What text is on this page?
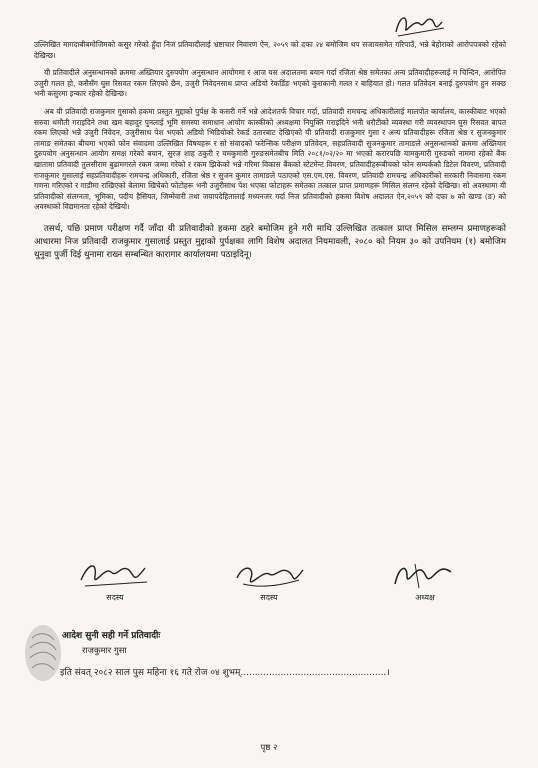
उल्लिखित मागदाबीबमोजिमको कसुर गरेको हुँदा निज प्रतिवादीलाई भ्रष्टाचार निवारण ऐन, २०५९ को दफा २४ बमोजिम थप सजायसमेत गरिपाउँ, भन्ने बेहोराको आरोपपत्रको रहेको देखिन्छ।

यी प्रतिवादीले अनुसन्धानको क्रममा अख्तियार दुरुपयोग अनुसन्धान आयोगमा र आज यस अदालतमा बयान गर्दा रजिता श्रेष्ठ समेतका अन्य प्रतिवादीहरूलाई म चिन्दिन, आरोपित उजुरी गलत हो, कसैसँग घुस रिसवत रकम लिएको छैन, उजुरी निवेदनसाथ प्राप्त अडियो रेकर्डिङ भएको कुराकानी गलत र बाहियात हो। गलत प्रतिवेदन बनाई दुरुपयोग हुन सक्छ भनी कसुरमा इन्कार रहेको देखिन्छ।

अब यी प्रतिवादी राजकुमार गुसाको हकमा प्रस्तुत मुद्दाको पुर्पक्ष के कसरी गर्ने भन्ने आदेशतर्फ विचार गर्दा, प्रतिवादी रामचन्द्र अधिकारीलाई मालपोत कार्यालय, कास्कीबाट भएको सरुवा थमौती गराइदिने तथा खम बहादुर पुनलाई भूमि समस्या समाधान आयोग कास्कीको अध्यक्षमा नियुक्ति गराइदिने भनी धरौटीको व्यवस्था गरी व्यवस्थापन घुस रिसवत बापत रकम लिएको भन्ने उजुरी निवेदन, उजुरीसाथ पेश भएको अडियो भिडियोको रेकर्ड उतारबाट देखिएको यी प्रतिवादी राजकुमार गुसा र अन्य प्रतिवादीहरू रजिता श्रेष्ठ र सुजनकुमार तामाङ समेतका बीचमा भएको फोन संवादमा उल्लिखित विषयहरू र सो संवादको फरेन्सिक परीक्षण प्रतिवेदन, सहप्रतिवादी सुजनकुमार तामाङले अनुसन्धानको क्रममा अख्तियार दुरुपयोग अनुसन्धान आयोग समक्ष गरेको बयान, सुरज शाह ठकुरी र यमकुमारी गुरुङसमेतबीच मिति २०८१/०२/२० मा भएको करारपछि यामकुमारी गुरुङको नाममा रहेको बैंक खातामा प्रतिवादी तुलसीराम बुढामगरले रकम जम्मा गरेको र रकम झिकेको भन्ने गरिमा विकास बैंकको स्टेटमेन्ट विवरण, प्रतिवादीहरूबीचको फोन सम्पर्ककौ डिटेल विवरण, प्रतिवादी राजकुमार गुसालाई सहप्रतिवादीहरू रामचन्द्र अधिकारी, रजिता श्रेष्ठ र सुजन कुमार तामाङले पठाएको एस.एम.एस. विवरण, प्रतिवादी रामचन्द्र अधिकारीको सरकारी निवासमा रकम गणना गरिएको र गाडीमा राखिएको बेलामा खिचेको फोटोहरू भनी उजुरीसाथ पेश भएका फोटाहरू समेतका तत्काल प्राप्त प्रमाणहरू मिसिल संलग्न रहेको देखिन्छ। सो अवस्थामा यी प्रतिवादीको संलग्नता, भूमिका, पदीय हैसियत, जिम्मेवारी तथा जयापदेहितालाई मध्यनजर गर्दा निज प्रतिवादीको हकमा विशेष अदालत ऐन,२०५९ को दफा ७ को खण्ड (ङ) को अवस्थाको विद्यमानता रहेको देखियो।

तसर्थ, पछि प्रमाण परीक्षण गर्दै जाँदा यी प्रतिवादीको हकमा ठहरे बमोजिम हुने गरी माथि उल्लिखित तत्काल प्राप्त मिसिल सम्लग्न प्रमाणहरूको आधारमा निज प्रतिवादी राजकुमार गुसालाई प्रस्तुत मुद्दाको पुर्पक्षका लागि विशेष अदालत नियमावली, २०८० को नियम ३० को उपनियम (१) बमोजिम थुनुवा पुर्जी दिई थुनामा राख्न सम्बन्धित कारागार कार्यालयमा पठाइदिनू।

सदस्य	सदस्य	अध्यक्ष
आदेश सुनी सही गर्ने प्रतिवादीः
राजकुमार गुसा
इति संवत् २०८२ साल पुस महिना १६ गते रोज ०४ शुभम्...................................................।
पृष्ठ २
